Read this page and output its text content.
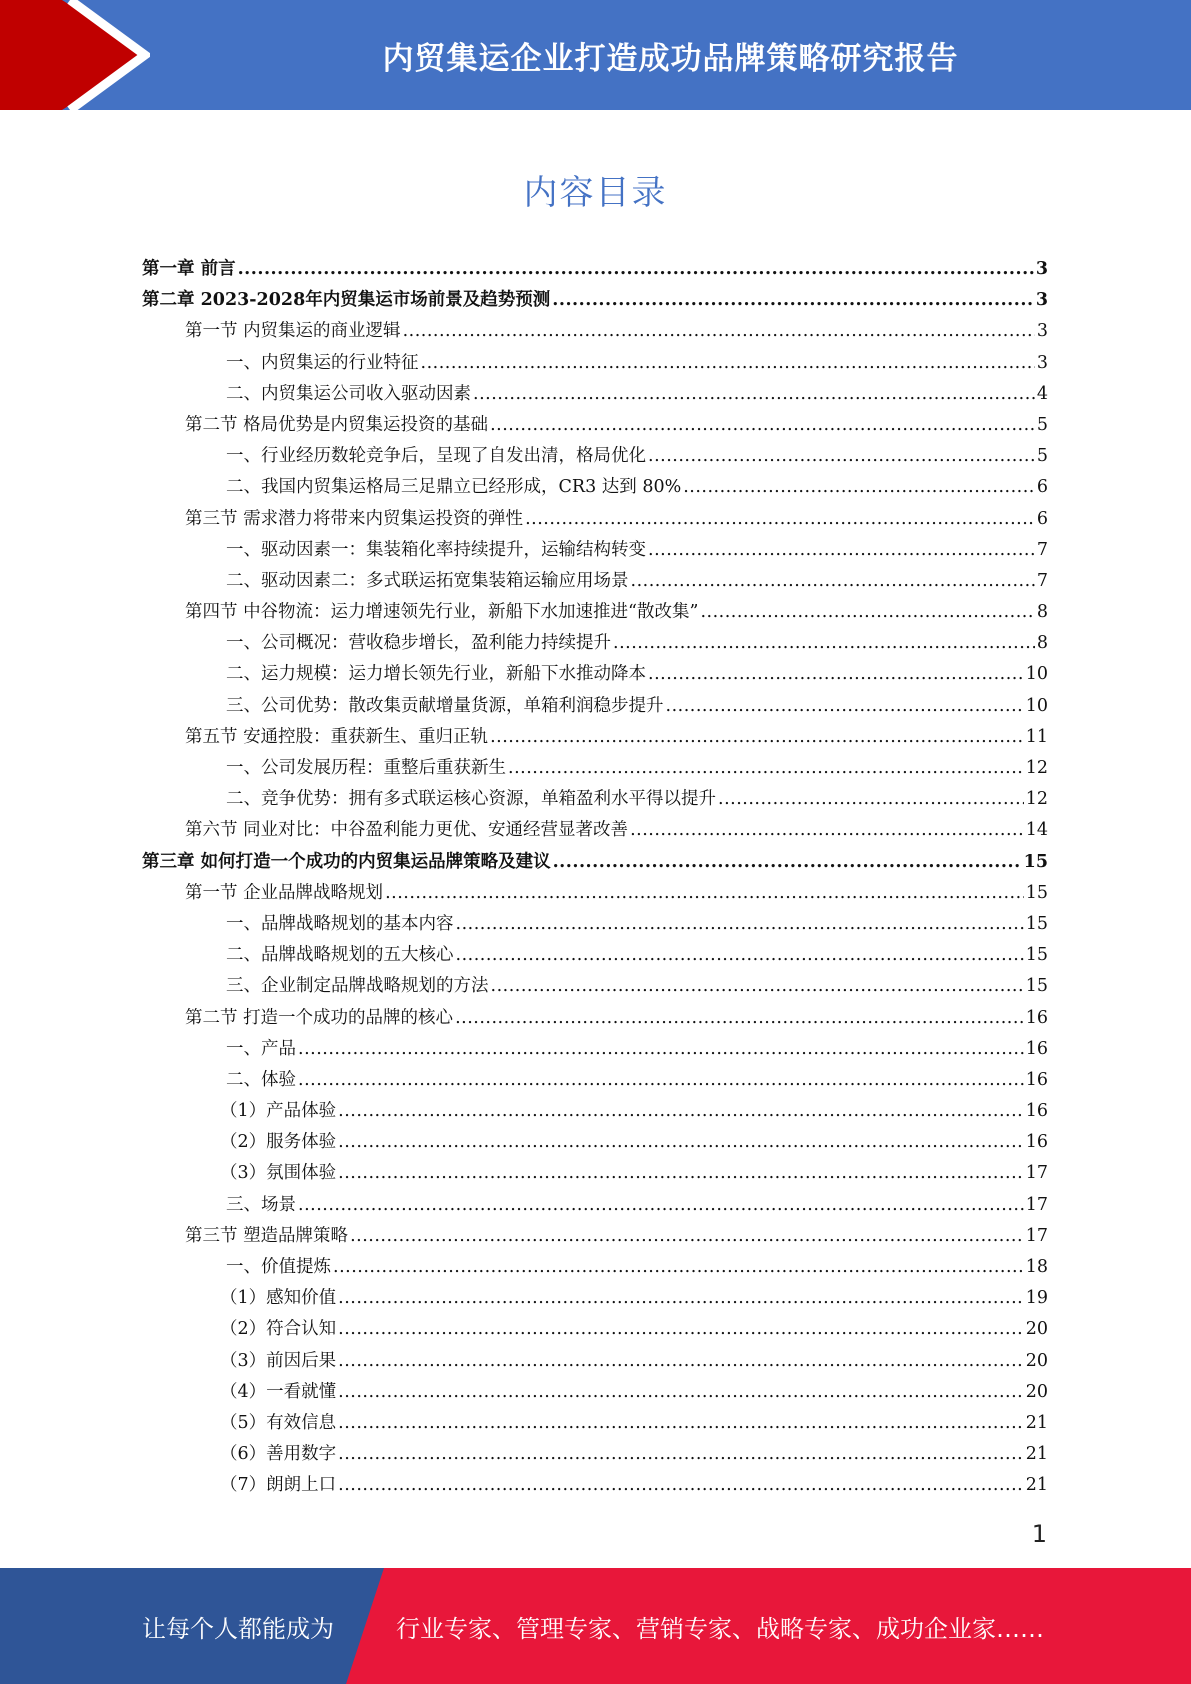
内贸集运企业打造成功品牌策略研究报告
内容目录
第一章 前言 .....	3
第二章 2023-2028年内贸集运市场前景及趋势预测 .....	3
第一节 内贸集运的商业逻辑 .....	3
一、内贸集运的行业特征 .....	3
二、内贸集运公司收入驱动因素 .....	4
第二节 格局优势是内贸集运投资的基础 .....	5
一、行业经历数轮竞争后，呈现了自发出清，格局优化 .....	5
二、我国内贸集运格局三足鼎立已经形成，CR3 达到 80% .....	6
第三节 需求潜力将带来内贸集运投资的弹性 .....	6
一、驱动因素一：集装箱化率持续提升，运输结构转变 .....	7
二、驱动因素二：多式联运拓宽集装箱运输应用场景 .....	7
第四节 中谷物流：运力增速领先行业，新船下水加速推进“散改集” .....	8
一、公司概况：营收稳步增长，盈利能力持续提升 .....	8
二、运力规模：运力增长领先行业，新船下水推动降本 .....	10
三、公司优势：散改集贡献增量货源，单箱利润稳步提升 .....	10
第五节 安通控股：重获新生、重归正轨 .....	11
一、公司发展历程：重整后重获新生 .....	12
二、竞争优势：拥有多式联运核心资源，单箱盈利水平得以提升 .....	12
第六节 同业对比：中谷盈利能力更优、安通经营显著改善 .....	14
第三章 如何打造一个成功的内贸集运品牌策略及建议 .....	15
第一节 企业品牌战略规划 .....	15
一、品牌战略规划的基本内容 .....	15
二、品牌战略规划的五大核心 .....	15
三、企业制定品牌战略规划的方法 .....	15
第二节 打造一个成功的品牌的核心 .....	16
一、产品 .....	16
二、体验 .....	16
（1）产品体验 .....	16
（2）服务体验 .....	16
（3）氛围体验 .....	17
三、场景 .....	17
第三节 塑造品牌策略 .....	17
一、价值提炼 .....	18
（1）感知价值 .....	19
（2）符合认知 .....	20
（3）前因后果 .....	20
（4）一看就懂 .....	20
（5）有效信息 .....	21
（6）善用数字 .....	21
（7）朗朗上口 .....	21
1
让每个人都能成为	行业专家、管理专家、营销专家、战略专家、成功企业家……
